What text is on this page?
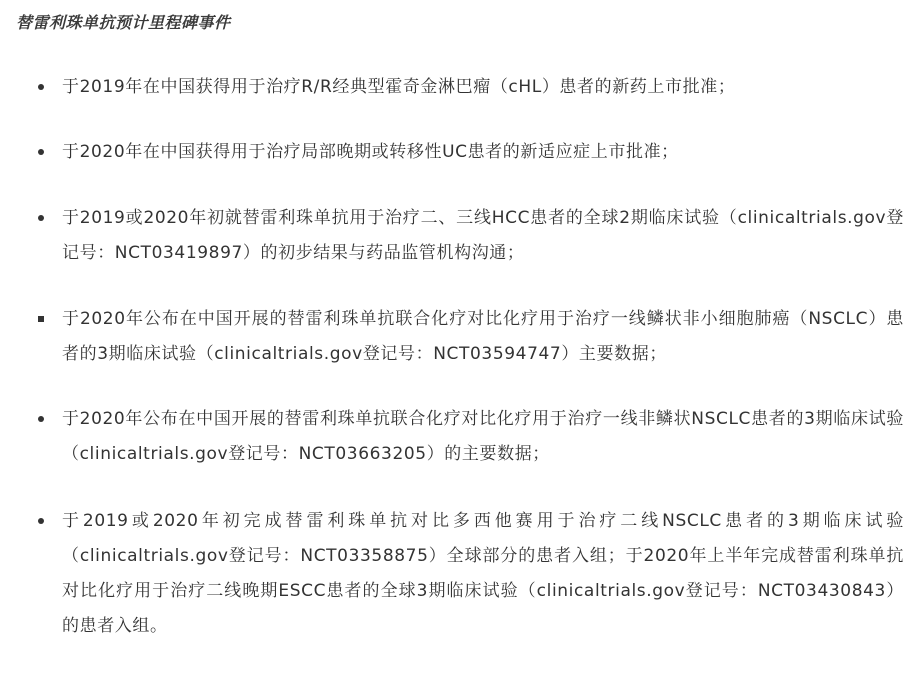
替雷利珠单抗预计里程碑事件

于2019年在中国获得用于治疗R/R经典型霍奇金淋巴瘤（cHL）患者的新药上市批准；

于2020年在中国获得用于治疗局部晚期或转移性UC患者的新适应症上市批准；

于2019或2020年初就替雷利珠单抗用于治疗二、三线HCC患者的全球2期临床试验（clinicaltrials.gov登记号：NCT03419897）的初步结果与药品监管机构沟通；

于2020年公布在中国开展的替雷利珠单抗联合化疗对比化疗用于治疗一线鳞状非小细胞肺癌（NSCLC）患者的3期临床试验（clinicaltrials.gov登记号：NCT03594747）主要数据；

于2020年公布在中国开展的替雷利珠单抗联合化疗对比化疗用于治疗一线非鳞状NSCLC患者的3期临床试验（clinicaltrials.gov登记号：NCT03663205）的主要数据；

于2019或2020年初完成替雷利珠单抗对比多西他赛用于治疗二线NSCLC患者的3期临床试验（clinicaltrials.gov登记号：NCT03358875）全球部分的患者入组；于2020年上半年完成替雷利珠单抗对比化疗用于治疗二线晚期ESCC患者的全球3期临床试验（clinicaltrials.gov登记号：NCT03430843）的患者入组。
